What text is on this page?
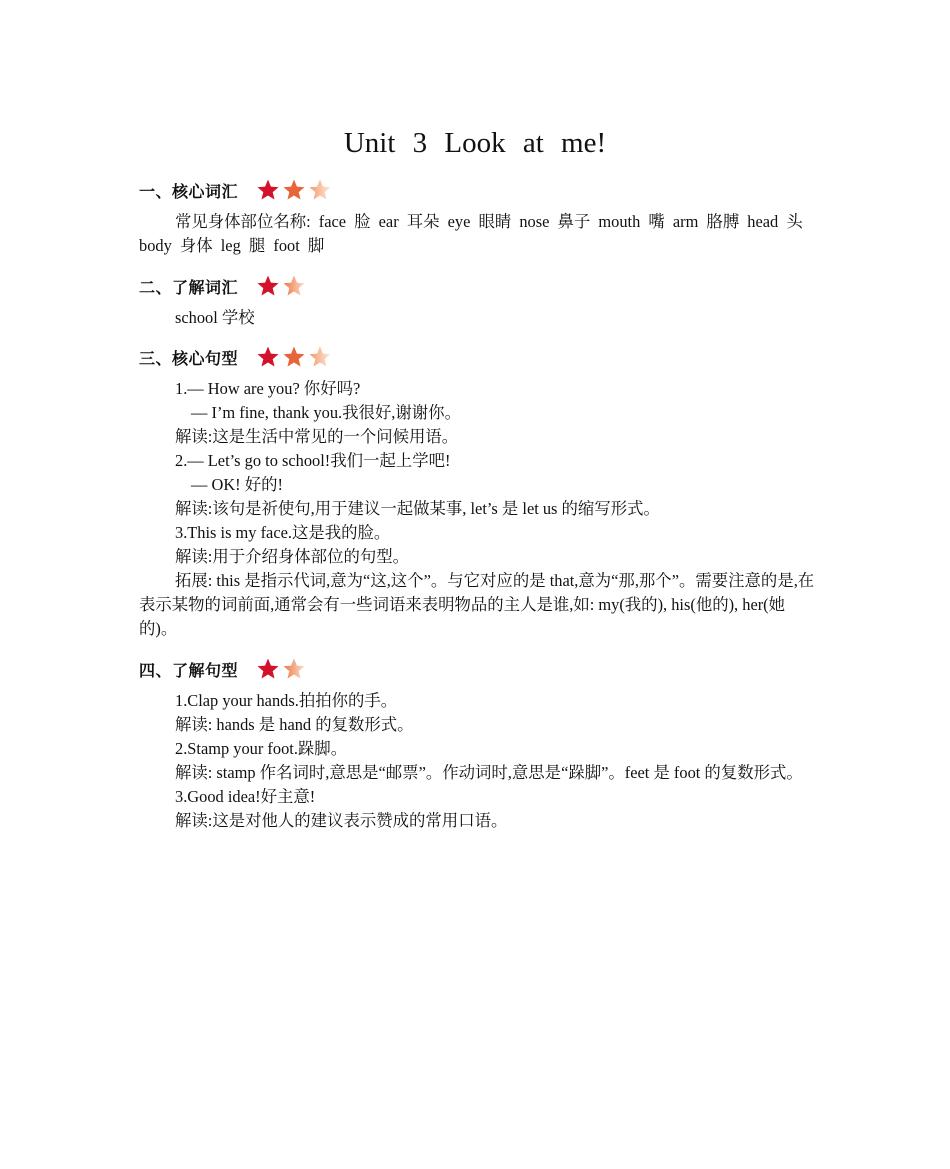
Unit 3 Look at me!
一、核心词汇

常见身体部位名称: face 脸 ear 耳朵 eye 眼睛 nose 鼻子 mouth 嘴 arm 胳膊 head 头 body 身体 leg 腿 foot 脚

二、了解词汇

school 学校

三、核心句型

1.— How are you? 你好吗?

— I’m fine, thank you.我很好,谢谢你。

解读:这是生活中常见的一个问候用语。

2.— Let’s go to school!我们一起上学吧!

— OK! 好的!

解读:该句是祈使句,用于建议一起做某事, let’s 是 let us 的缩写形式。

3.This is my face.这是我的脸。

解读:用于介绍身体部位的句型。

拓展: this 是指示代词,意为“这,这个”。与它对应的是 that,意为“那,那个”。需要注意的是,在表示某物的词前面,通常会有一些词语来表明物品的主人是谁,如: my(我的), his(他的), her(她的)。

四、了解句型

1.Clap your hands.拍拍你的手。

解读: hands 是 hand 的复数形式。

2.Stamp your foot.跺脚。

解读: stamp 作名词时,意思是“邮票”。作动词时,意思是“跺脚”。feet 是 foot 的复数形式。

3.Good idea!好主意!

解读:这是对他人的建议表示赞成的常用口语。
